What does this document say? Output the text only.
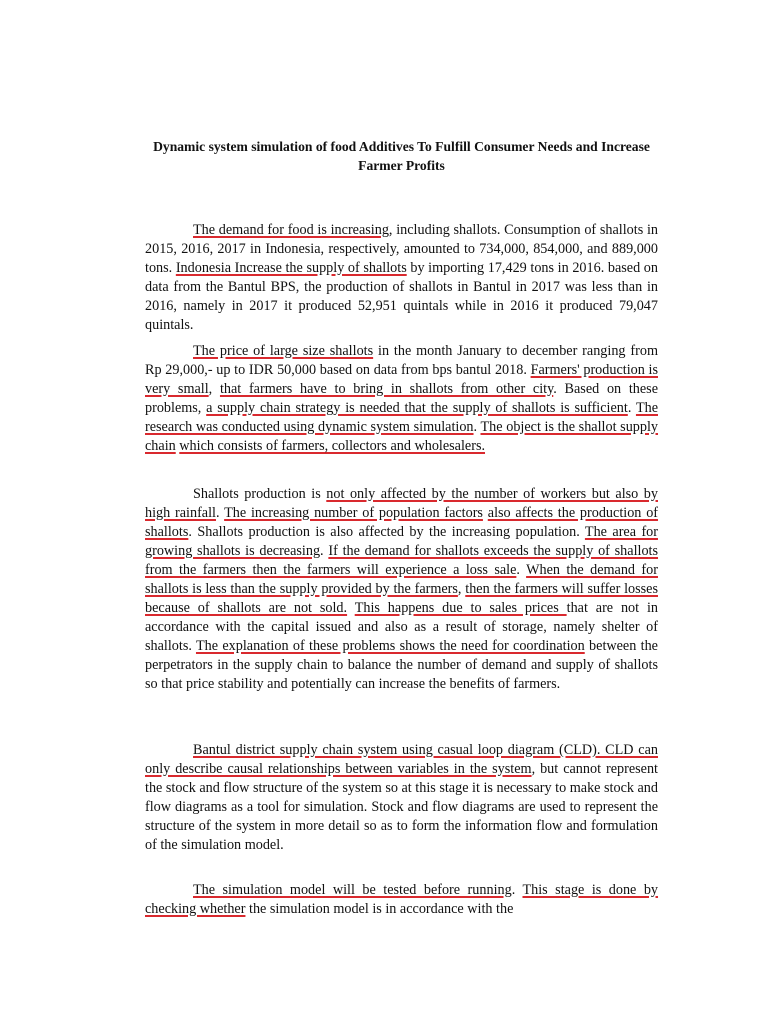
Dynamic system simulation of food Additives To Fulfill Consumer Needs and Increase Farmer Profits

The demand for food is increasing, including shallots. Consumption of shallots in 2015, 2016, 2017 in Indonesia, respectively, amounted to 734,000, 854,000, and 889,000 tons. Indonesia Increase the supply of shallots by importing 17,429 tons in 2016. based on data from the Bantul BPS, the production of shallots in Bantul in 2017 was less than in 2016, namely in 2017 it produced 52,951 quintals while in 2016 it produced 79,047 quintals.

The price of large size shallots in the month January to december ranging from Rp 29,000,- up to IDR 50,000 based on data from bps bantul 2018. Farmers' production is very small, that farmers have to bring in shallots from other city. Based on these problems, a supply chain strategy is needed that the supply of shallots is sufficient. The research was conducted using dynamic system simulation. The object is the shallot supply chain which consists of farmers, collectors and wholesalers.

Shallots production is not only affected by the number of workers but also by high rainfall. The increasing number of population factors also affects the production of shallots. Shallots production is also affected by the increasing population. The area for growing shallots is decreasing. If the demand for shallots exceeds the supply of shallots from the farmers then the farmers will experience a loss sale. When the demand for shallots is less than the supply provided by the farmers, then the farmers will suffer losses because of shallots are not sold. This happens due to sales prices that are not in accordance with the capital issued and also as a result of storage, namely shelter of shallots. The explanation of these problems shows the need for coordination between the perpetrators in the supply chain to balance the number of demand and supply of shallots so that price stability and potentially can increase the benefits of farmers.

Bantul district supply chain system using casual loop diagram (CLD). CLD can only describe causal relationships between variables in the system, but cannot represent the stock and flow structure of the system so at this stage it is necessary to make stock and flow diagrams as a tool for simulation. Stock and flow diagrams are used to represent the structure of the system in more detail so as to form the information flow and formulation of the simulation model.

The simulation model will be tested before running. This stage is done by checking whether the simulation model is in accordance with the
